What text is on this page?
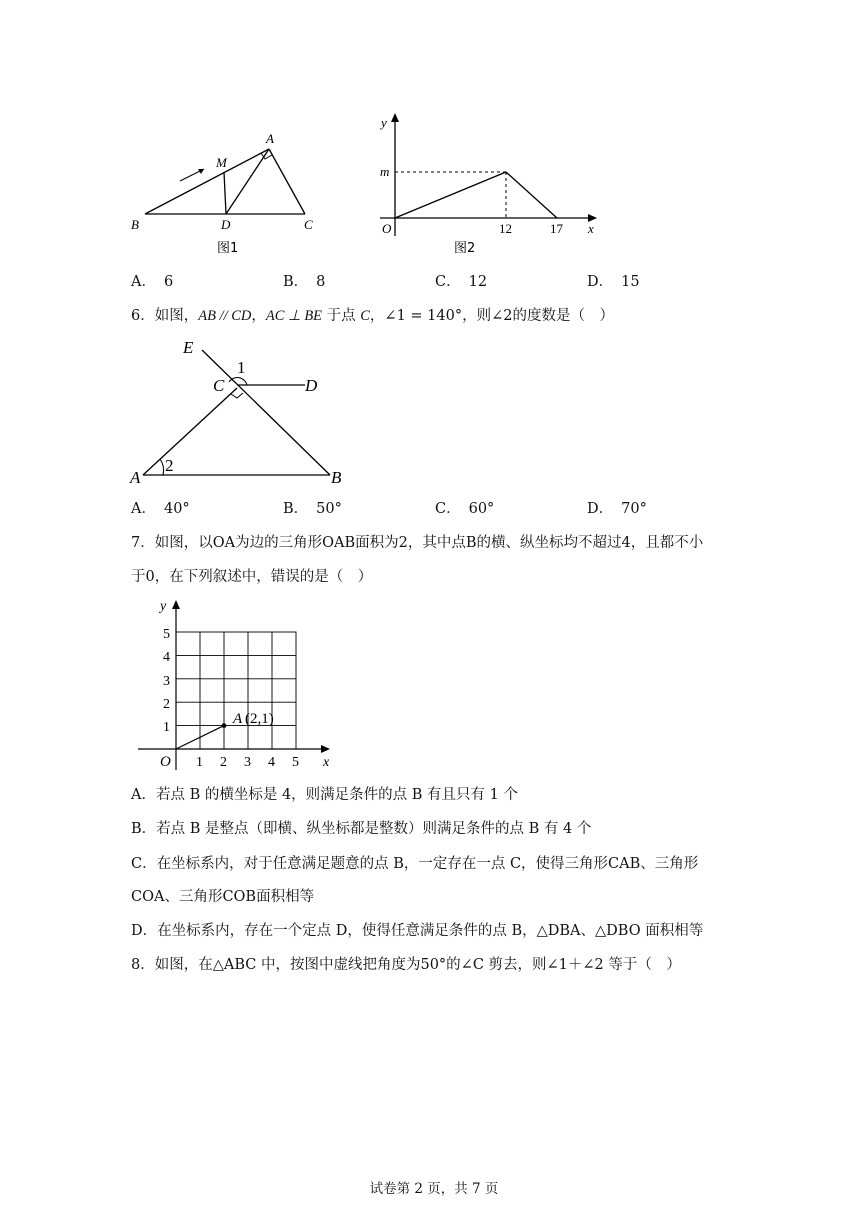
A
M
B	D	C
图1
y
m
O	12	17 x
图2
A． 6	B． 8	C． 12	D． 15
6．如图，AB // CD，AC ⊥ BE 于点 C，∠1 = 140°，则∠2的度数是（　）
E
C
1
D
A
2
B
A． 40°	B． 50°	C． 60°	D． 70°
7．如图，以OA为边的三角形OAB面积为2，其中点B的横、纵坐标均不超过4，且都不小
于0，在下列叙述中，错误的是（　）
y
x
O
1
2
3
4
5
1 2 3 4 5
A (2,1)
A．若点 B 的横坐标是 4，则满足条件的点 B 有且只有 1 个
B．若点 B 是整点（即横、纵坐标都是整数）则满足条件的点 B 有 4 个
C．在坐标系内，对于任意满足题意的点 B，一定存在一点 C，使得三角形CAB、三角形
COA、三角形COB面积相等
D．在坐标系内，存在一个定点 D，使得任意满足条件的点 B，△DBA、△DBO 面积相等
8．如图，在△ABC 中，按图中虚线把角度为50°的∠C 剪去，则∠1＋∠2 等于（　）
试卷第 2 页，共 7 页
